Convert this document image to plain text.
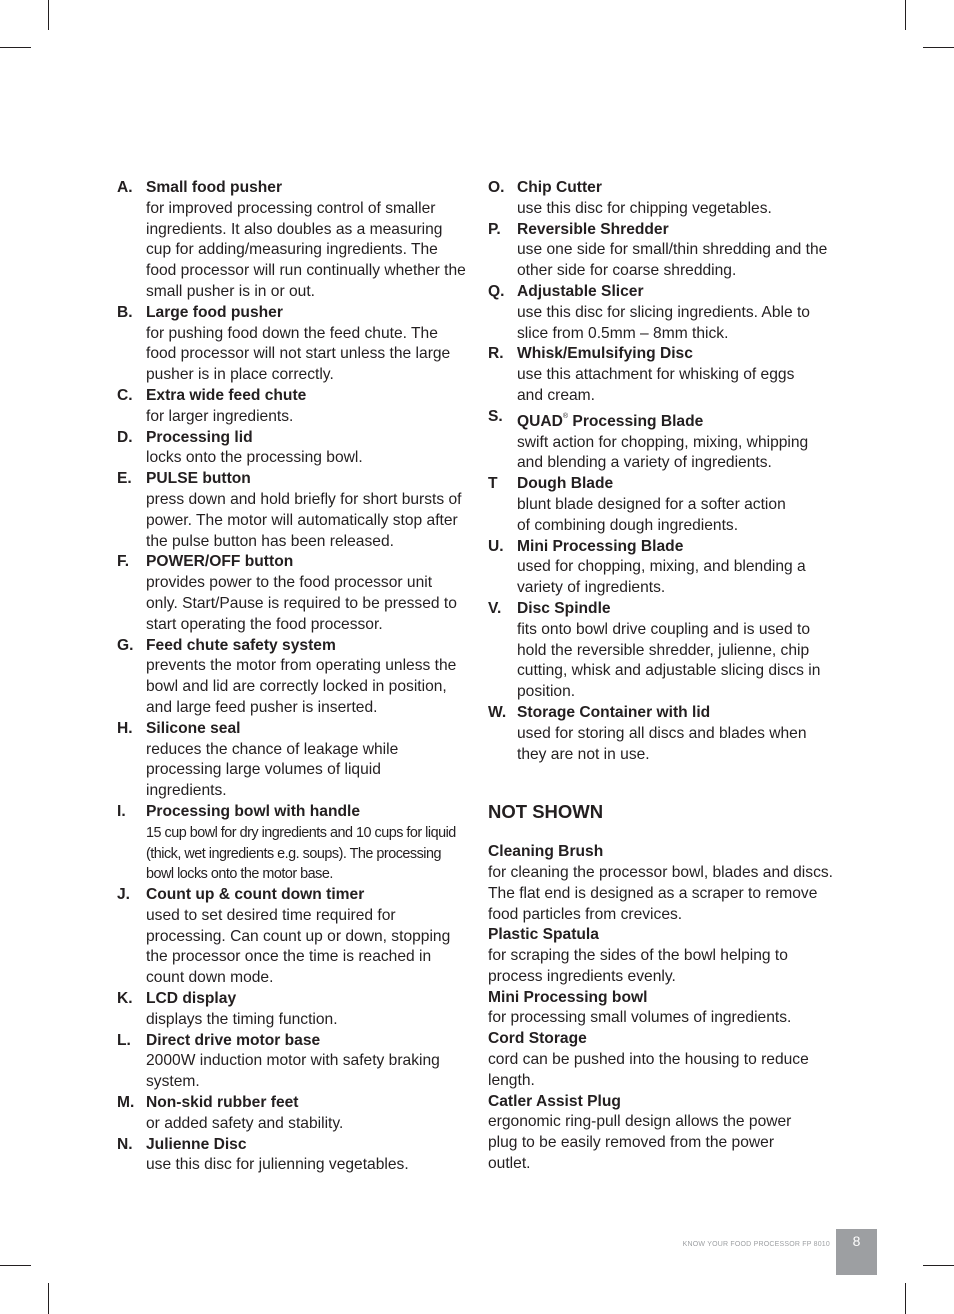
A. Small food pusher
for improved processing control of smaller ingredients. It also doubles as a measuring cup for adding/measuring ingredients. The food processor will run continually whether the small pusher is in or out.
B. Large food pusher
for pushing food down the feed chute. The food processor will not start unless the large pusher is in place correctly.
C. Extra wide feed chute
for larger ingredients.
D. Processing lid
locks onto the processing bowl.
E. PULSE button
press down and hold briefly for short bursts of power. The motor will automatically stop after the pulse button has been released.
F.	POWER/OFF button
provides power to the food processor unit only. Start/Pause is required to be pressed to start operating the food processor.
G. Feed chute safety system
prevents the motor from operating unless the bowl and lid are correctly locked in position, and large feed pusher is inserted.
H. Silicone seal
reduces the chance of leakage while processing large volumes of liquid ingredients.
I.	Processing bowl with handle
15 cup bowl for dry ingredients and 10 cups for liquid (thick, wet ingredients e.g. soups). The processing bowl locks onto the motor base.
J.	Count up & count down timer
used to set desired time required for processing. Can count up or down, stopping the processor once the time is reached in count down mode.
K. LCD display
displays the timing function.
L. Direct drive motor base
2000W induction motor with safety braking system.
M. Non-skid rubber feet
or added safety and stability.
N. Julienne Disc
use this disc for julienning vegetables.
O. Chip Cutter
use this disc for chipping vegetables.
P.	Reversible Shredder
use one side for small/thin shredding and the other side for coarse shredding.
Q. Adjustable Slicer
use this disc for slicing ingredients. Able to slice from 0.5mm – 8mm thick.
R. Whisk/Emulsifying Disc
use this attachment for whisking of eggs and cream.
S. QUAD® Processing Blade
swift action for chopping, mixing, whipping and blending a variety of ingredients.
T	Dough Blade
blunt blade designed for a softer action of combining dough ingredients.
U. Mini Processing Blade
used for chopping, mixing, and blending a variety of ingredients.
V.	Disc Spindle
fits onto bowl drive coupling and is used to hold the reversible shredder, julienne, chip cutting, whisk and adjustable slicing discs in position.
W. Storage Container with lid
used for storing all discs and blades when they are not in use.
NOT SHOWN
Cleaning Brush
for cleaning the processor bowl, blades and discs. The flat end is designed as a scraper to remove food particles from crevices.
Plastic Spatula
for scraping the sides of the bowl helping to process ingredients evenly.
Mini Processing bowl
for processing small volumes of ingredients.
Cord Storage
cord can be pushed into the housing to reduce length.
Catler Assist Plug
ergonomic ring-pull design allows the power plug to be easily removed from the power outlet.
KNOW YOUR FOOD PROCESSOR FP 8010 8
